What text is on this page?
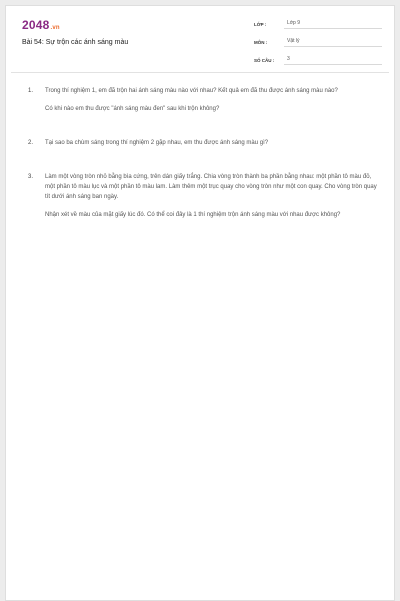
2048.vn
Bài 54: Sự trộn các ánh sáng màu
LỚP :	Lớp 9
MÔN :	Vật lý
SỐ CÂU :	3
1.	Trong thí nghiệm 1, em đã trộn hai ánh sáng màu nào với nhau? Kết quả em đã thu được ánh sáng màu nào?

Có khi nào em thu được "ánh sáng màu đen" sau khi trộn không?

2.	Tại sao ba chùm sáng trong thí nghiệm 2 gặp nhau, em thu được ánh sáng màu gì?

3.	Làm một vòng tròn nhỏ bằng bìa cứng, trên dán giấy trắng. Chia vòng tròn thành ba phần bằng nhau: một phần tô màu đỏ, một phần tô màu lục và một phần tô màu lam. Làm thêm một trục quay cho vòng tròn như một con quay. Cho vòng tròn quay tít dưới ánh sáng ban ngày.

Nhận xét về màu của mặt giấy lúc đó. Có thể coi đây là 1 thí nghiệm trộn ánh sáng màu với nhau được không?
